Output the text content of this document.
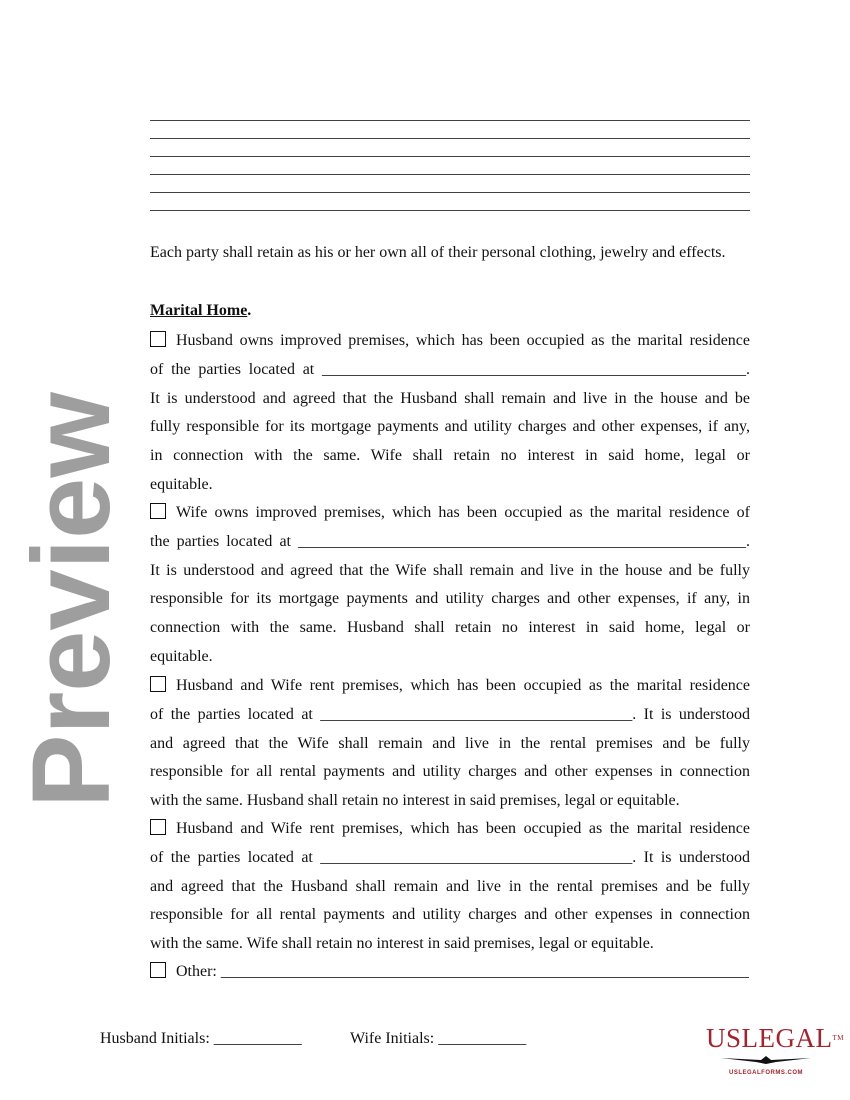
___________________________________________________________________________
___________________________________________________________________________
___________________________________________________________________________
___________________________________________________________________________
___________________________________________________________________________
___________________________________________________________________________
Each party shall retain as his or her own all of their personal clothing, jewelry and effects.
Marital Home.
Husband owns improved premises, which has been occupied as the marital residence
of the parties located at _____________________________________________________.
It is understood and agreed that the Husband shall remain and live in the house and be
fully responsible for its mortgage payments and utility charges and other expenses, if any,
in connection with the same. Wife shall retain no interest in said home, legal or
equitable.
Wife owns improved premises, which has been occupied as the marital residence of
the parties located at ________________________________________________________.
It is understood and agreed that the Wife shall remain and live in the house and be fully
responsible for its mortgage payments and utility charges and other expenses, if any, in
connection with the same. Husband shall retain no interest in said home, legal or
equitable.
Husband and Wife rent premises, which has been occupied as the marital residence
of the parties located at _______________________________________. It is understood
and agreed that the Wife shall remain and live in the rental premises and be fully
responsible for all rental payments and utility charges and other expenses in connection
with the same. Husband shall retain no interest in said premises, legal or equitable.
Husband and Wife rent premises, which has been occupied as the marital residence
of the parties located at _______________________________________. It is understood
and agreed that the Husband shall remain and live in the rental premises and be fully
responsible for all rental payments and utility charges and other expenses in connection
with the same. Wife shall retain no interest in said premises, legal or equitable.
Other: __________________________________________________________________
Preview
Husband Initials: ___________	Wife Initials: ___________	USLEGAL™
USLEGALFORMS.COM
